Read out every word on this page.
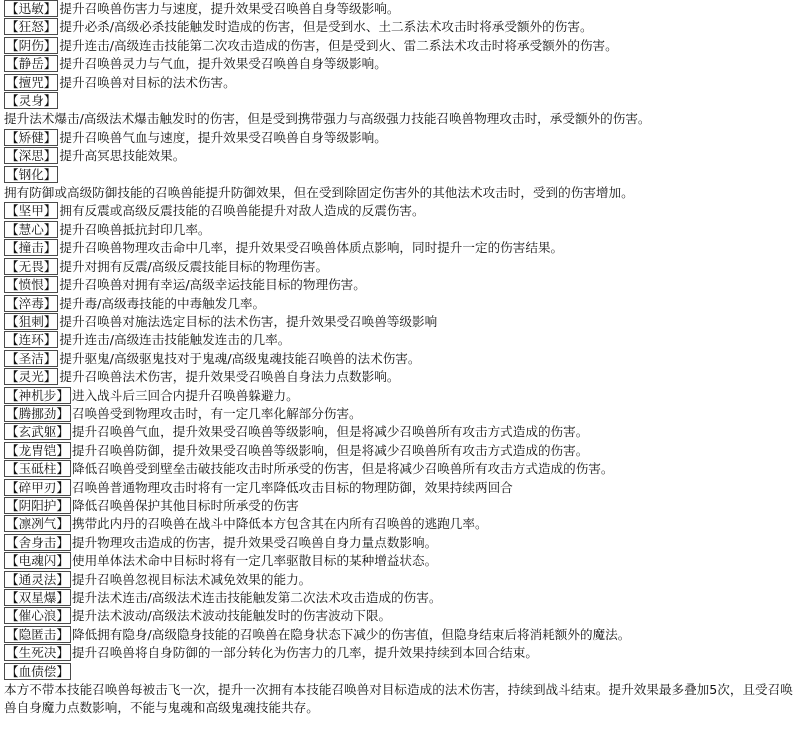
【迅敏】 提升召唤兽伤害力与速度，提升效果受召唤兽自身等级影响。
【狂怒】 提升必杀/高级必杀技能触发时造成的伤害，但是受到水、土二系法术攻击时将承受额外的伤害。
【阴伤】 提升连击/高级连击技能第二次攻击造成的伤害，但是受到火、雷二系法术攻击时将承受额外的伤害。
【静岳】 提升召唤兽灵力与气血，提升效果受召唤兽自身等级影响。
【擅咒】 提升召唤兽对目标的法术伤害。
【灵身】
提升法术爆击/高级法术爆击触发时的伤害，但是受到携带强力与高级强力技能召唤兽物理攻击时，承受额外的伤害。
【矫健】 提升召唤兽气血与速度，提升效果受召唤兽自身等级影响。
【深思】 提升高冥思技能效果。
【钢化】
拥有防御或高级防御技能的召唤兽能提升防御效果，但在受到除固定伤害外的其他法术攻击时，受到的伤害增加。
【坚甲】 拥有反震或高级反震技能的召唤兽能提升对敌人造成的反震伤害。
【慧心】 提升召唤兽抵抗封印几率。
【撞击】 提升召唤兽物理攻击命中几率，提升效果受召唤兽体质点影响，同时提升一定的伤害结果。
【无畏】 提升对拥有反震/高级反震技能目标的物理伤害。
【愤恨】 提升召唤兽对拥有幸运/高级幸运技能目标的物理伤害。
【淬毒】 提升毒/高级毒技能的中毒触发几率。
【狙刺】 提升召唤兽对施法选定目标的法术伤害，提升效果受召唤兽等级影响
【连环】 提升连击/高级连击技能触发连击的几率。
【圣洁】 提升驱鬼/高级驱鬼技对于鬼魂/高级鬼魂技能召唤兽的法术伤害。
【灵光】 提升召唤兽法术伤害，提升效果受召唤兽自身法力点数影响。
【神机步】 进入战斗后三回合内提升召唤兽躲避力。
【腾挪劲】 召唤兽受到物理攻击时，有一定几率化解部分伤害。
【玄武躯】 提升召唤兽气血，提升效果受召唤兽等级影响，但是将减少召唤兽所有攻击方式造成的伤害。
【龙胄铠】 提升召唤兽防御，提升效果受召唤兽等级影响，但是将减少召唤兽所有攻击方式造成的伤害。
【玉砥柱】 降低召唤兽受到壁垒击破技能攻击时所承受的伤害，但是将减少召唤兽所有攻击方式造成的伤害。
【碎甲刃】 召唤兽普通物理攻击时将有一定几率降低攻击目标的物理防御，效果持续两回合
【阴阳护】 降低召唤兽保护其他目标时所承受的伤害
【凛冽气】 携带此内丹的召唤兽在战斗中降低本方包含其在内所有召唤兽的逃跑几率。
【舍身击】 提升物理攻击造成的伤害，提升效果受召唤兽自身力量点数影响。
【电魂闪】 使用单体法术命中目标时将有一定几率驱散目标的某种增益状态。
【通灵法】 提升召唤兽忽视目标法术减免效果的能力。
【双星爆】 提升法术连击/高级法术连击技能触发第二次法术攻击造成的伤害。
【催心浪】 提升法术波动/高级法术波动技能触发时的伤害波动下限。
【隐匿击】 降低拥有隐身/高级隐身技能的召唤兽在隐身状态下减少的伤害值，但隐身结束后将消耗额外的魔法。
【生死决】 提升召唤兽将自身防御的一部分转化为伤害力的几率，提升效果持续到本回合结束。
【血债偿】
本方不带本技能召唤兽每被击飞一次，提升一次拥有本技能召唤兽对目标造成的法术伤害，持续到战斗结束。提升效果最多叠加5次，且受召唤兽自身魔力点数影响，不能与鬼魂和高级鬼魂技能共存。
